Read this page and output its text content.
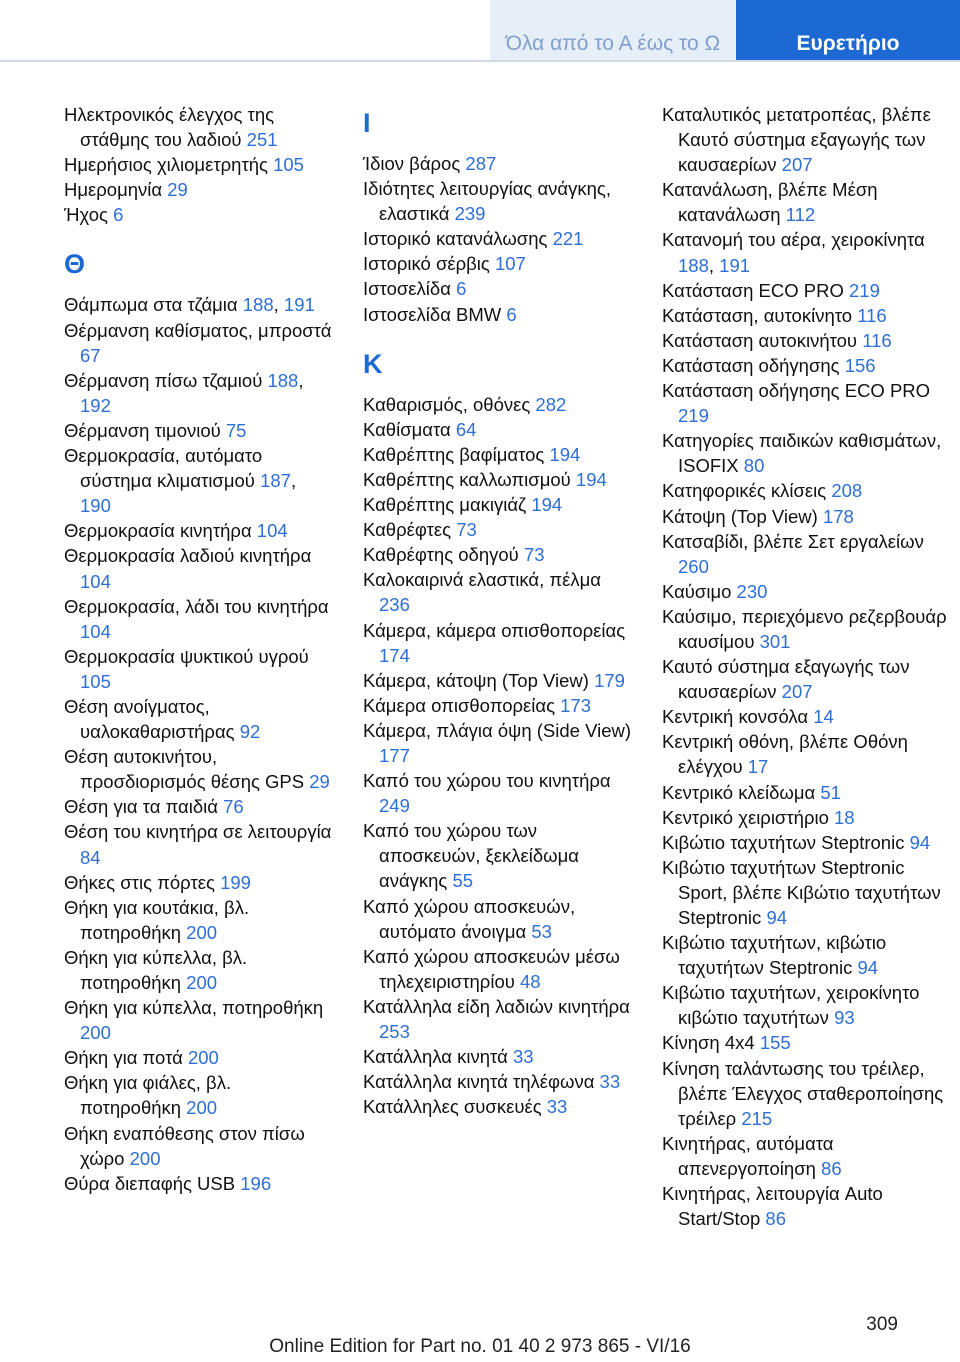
Όλα από το Α έως το Ω	Ευρετήριο
Ηλεκτρονικός έλεγχος της στάθμης του λαδιού 251
Ημερήσιος χιλιομετρητής 105
Ημερομηνία 29
Ήχος 6
Θ
Θάμπωμα στα τζάμια 188, 191
Θέρμανση καθίσματος, μπροστά 67
Θέρμανση πίσω τζαμιού 188, 192
Θέρμανση τιμονιού 75
Θερμοκρασία, αυτόματο σύστημα κλιματισμού 187, 190
Θερμοκρασία κινητήρα 104
Θερμοκρασία λαδιού κινητήρα 104
Θερμοκρασία, λάδι του κινητήρα 104
Θερμοκρασία ψυκτικού υγρού 105
Θέση ανοίγματος, υαλοκαθαριστήρας 92
Θέση αυτοκινήτου, προσδιορισμός θέσης GPS 29
Θέση για τα παιδιά 76
Θέση του κινητήρα σε λειτουργία 84
Θήκες στις πόρτες 199
Θήκη για κουτάκια, βλ. ποτηροθήκη 200
Θήκη για κύπελλα, βλ. ποτηροθήκη 200
Θήκη για κύπελλα, ποτηροθήκη 200
Θήκη για ποτά 200
Θήκη για φιάλες, βλ. ποτηροθήκη 200
Θήκη εναπόθεσης στον πίσω χώρο 200
Θύρα διεπαφής USB 196
Ι
Ίδιον βάρος 287
Ιδιότητες λειτουργίας ανάγκης, ελαστικά 239
Ιστορικό κατανάλωσης 221
Ιστορικό σέρβις 107
Ιστοσελίδα 6
Ιστοσελίδα BMW 6
Κ
Καθαρισμός, οθόνες 282
Καθίσματα 64
Καθρέπτης βαφίματος 194
Καθρέπτης καλλωπισμού 194
Καθρέπτης μακιγιάζ 194
Καθρέφτες 73
Καθρέφτης οδηγού 73
Καλοκαιρινά ελαστικά, πέλμα 236
Κάμερα, κάμερα οπισθοπορείας 174
Κάμερα, κάτοψη (Top View) 179
Κάμερα οπισθοπορείας 173
Κάμερα, πλάγια όψη (Side View) 177
Καπό του χώρου του κινητήρα 249
Καπό του χώρου των αποσκευών, ξεκλείδωμα ανάγκης 55
Καπό χώρου αποσκευών, αυτόματο άνοιγμα 53
Καπό χώρου αποσκευών μέσω τηλεχειριστηρίου 48
Κατάλληλα είδη λαδιών κινητήρα 253
Κατάλληλα κινητά 33
Κατάλληλα κινητά τηλέφωνα 33
Κατάλληλες συσκευές 33
Καταλυτικός μετατροπέας, βλέπε Καυτό σύστημα εξαγωγής των καυσαερίων 207
Κατανάλωση, βλέπε Μέση κατανάλωση 112
Κατανομή του αέρα, χειροκίνητα 188, 191
Κατάσταση ECO PRO 219
Κατάσταση, αυτοκίνητο 116
Κατάσταση αυτοκινήτου 116
Κατάσταση οδήγησης 156
Κατάσταση οδήγησης ECO PRO 219
Κατηγορίες παιδικών καθισμάτων, ISOFIX 80
Κατηφορικές κλίσεις 208
Κάτοψη (Top View) 178
Κατσαβίδι, βλέπε Σετ εργαλείων 260
Καύσιμο 230
Καύσιμο, περιεχόμενο ρεζερβουάρ καυσίμου 301
Καυτό σύστημα εξαγωγής των καυσαερίων 207
Κεντρική κονσόλα 14
Κεντρική οθόνη, βλέπε Οθόνη ελέγχου 17
Κεντρικό κλείδωμα 51
Κεντρικό χειριστήριο 18
Κιβώτιο ταχυτήτων Steptronic 94
Κιβώτιο ταχυτήτων Steptronic Sport, βλέπε Κιβώτιο ταχυτήτων Steptronic 94
Κιβώτιο ταχυτήτων, κιβώτιο ταχυτήτων Steptronic 94
Κιβώτιο ταχυτήτων, χειροκίνητο κιβώτιο ταχυτήτων 93
Κίνηση 4x4 155
Κίνηση ταλάντωσης του τρέιλερ, βλέπε Έλεγχος σταθεροποίησης τρέιλερ 215
Κινητήρας, αυτόματα απενεργοποίηση 86
Κινητήρας, λειτουργία Auto Start/Stop 86
309
Online Edition for Part no. 01 40 2 973 865 - VI/16
